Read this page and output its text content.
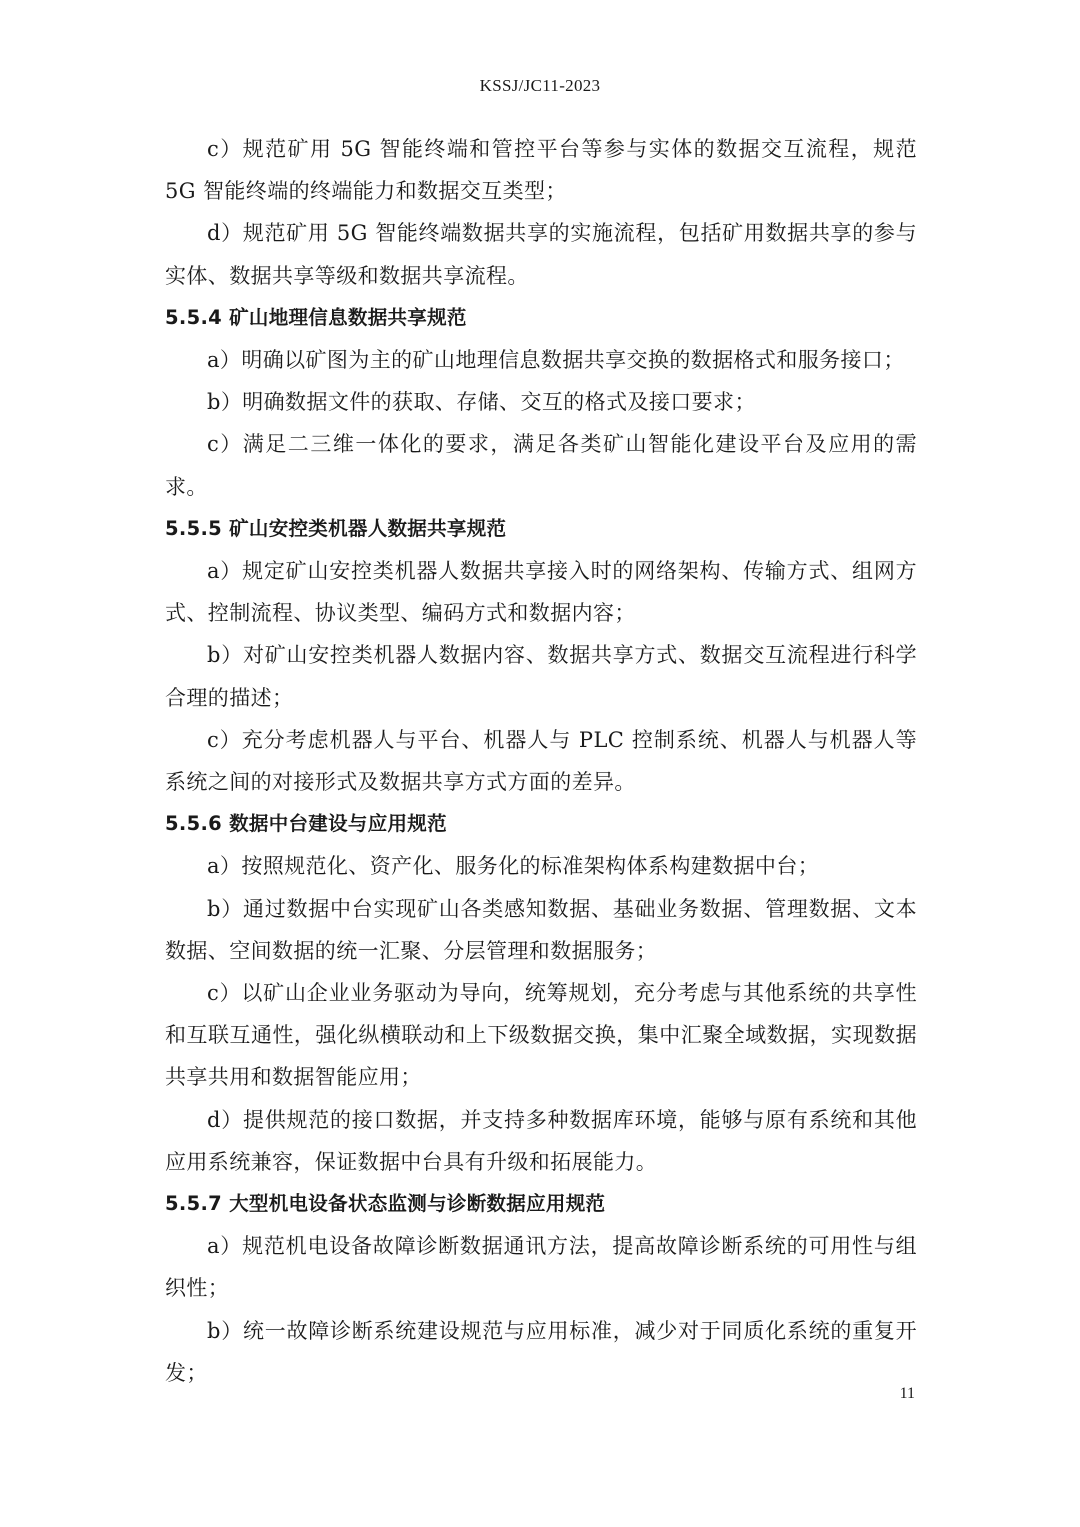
KSSJ/JC11-2023

c）规范矿用 5G 智能终端和管控平台等参与实体的数据交互流程，规范 5G 智能终端的终端能力和数据交互类型；

d）规范矿用 5G 智能终端数据共享的实施流程，包括矿用数据共享的参与实体、数据共享等级和数据共享流程。

5.5.4 矿山地理信息数据共享规范

a）明确以矿图为主的矿山地理信息数据共享交换的数据格式和服务接口；

b）明确数据文件的获取、存储、交互的格式及接口要求；

c）满足二三维一体化的要求，满足各类矿山智能化建设平台及应用的需求。

5.5.5 矿山安控类机器人数据共享规范

a）规定矿山安控类机器人数据共享接入时的网络架构、传输方式、组网方式、控制流程、协议类型、编码方式和数据内容；

b）对矿山安控类机器人数据内容、数据共享方式、数据交互流程进行科学合理的描述；

c）充分考虑机器人与平台、机器人与 PLC 控制系统、机器人与机器人等系统之间的对接形式及数据共享方式方面的差异。

5.5.6 数据中台建设与应用规范

a）按照规范化、资产化、服务化的标准架构体系构建数据中台；

b）通过数据中台实现矿山各类感知数据、基础业务数据、管理数据、文本数据、空间数据的统一汇聚、分层管理和数据服务；

c）以矿山企业业务驱动为导向，统筹规划，充分考虑与其他系统的共享性和互联互通性，强化纵横联动和上下级数据交换，集中汇聚全域数据，实现数据共享共用和数据智能应用；

d）提供规范的接口数据，并支持多种数据库环境，能够与原有系统和其他应用系统兼容，保证数据中台具有升级和拓展能力。

5.5.7 大型机电设备状态监测与诊断数据应用规范

a）规范机电设备故障诊断数据通讯方法，提高故障诊断系统的可用性与组织性；

b）统一故障诊断系统建设规范与应用标准，减少对于同质化系统的重复开发；

11
